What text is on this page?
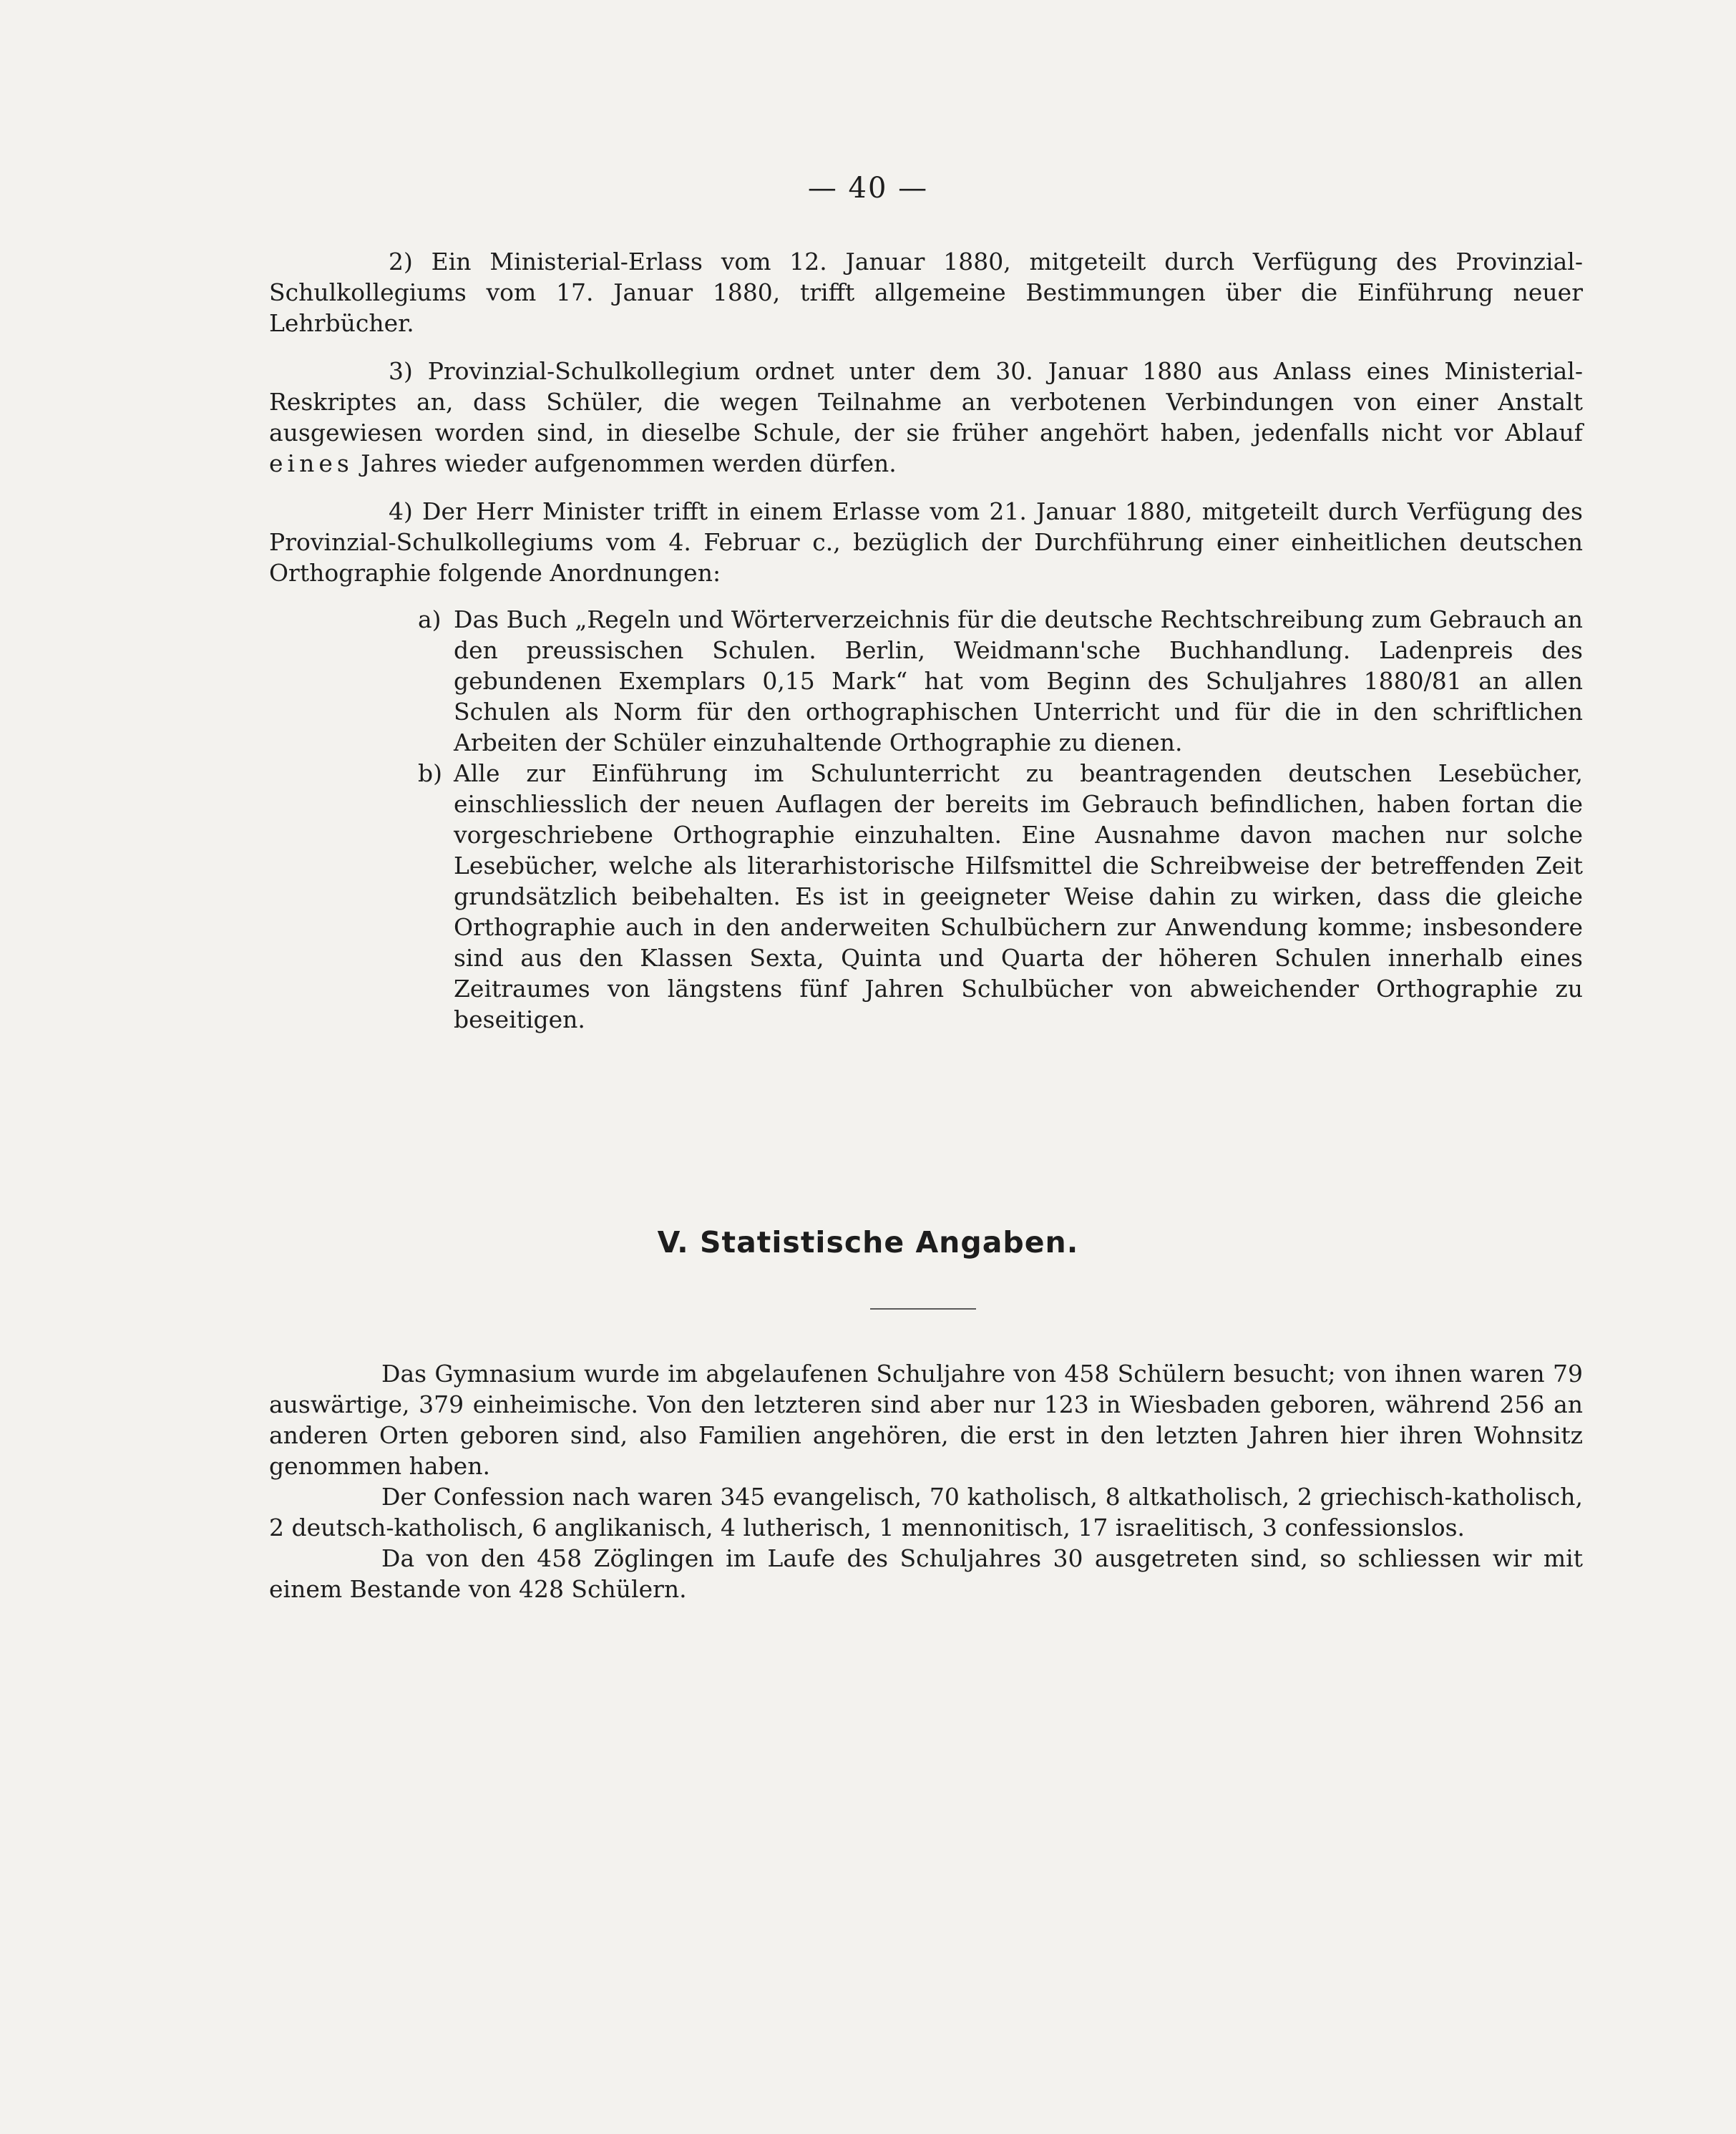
— 40 —

2) Ein Ministerial-Erlass vom 12. Januar 1880, mitgeteilt durch Verfügung des Provinzial-Schulkollegiums vom 17. Januar 1880, trifft allgemeine Bestimmungen über die Einführung neuer Lehrbücher.

3) Provinzial-Schulkollegium ordnet unter dem 30. Januar 1880 aus Anlass eines Ministerial-Reskriptes an, dass Schüler, die wegen Teilnahme an verbotenen Verbindungen von einer Anstalt ausgewiesen worden sind, in dieselbe Schule, der sie früher angehört haben, jedenfalls nicht vor Ablauf eines Jahres wieder aufgenommen werden dürfen.

4) Der Herr Minister trifft in einem Erlasse vom 21. Januar 1880, mitgeteilt durch Verfügung des Provinzial-Schulkollegiums vom 4. Februar c., bezüglich der Durchführung einer einheitlichen deutschen Orthographie folgende Anordnungen:

a) Das Buch „Regeln und Wörterverzeichnis für die deutsche Rechtschreibung zum Gebrauch an den preussischen Schulen. Berlin, Weidmann'sche Buchhandlung. Ladenpreis des gebundenen Exemplars 0,15 Mark“ hat vom Beginn des Schuljahres 1880/81 an allen Schulen als Norm für den orthographischen Unterricht und für die in den schriftlichen Arbeiten der Schüler einzuhaltende Orthographie zu dienen.
b) Alle zur Einführung im Schulunterricht zu beantragenden deutschen Lesebücher, einschliesslich der neuen Auflagen der bereits im Gebrauch befindlichen, haben fortan die vorgeschriebene Orthographie einzuhalten. Eine Ausnahme davon machen nur solche Lesebücher, welche als literarhistorische Hilfsmittel die Schreibweise der betreffenden Zeit grundsätzlich beibehalten. Es ist in geeigneter Weise dahin zu wirken, dass die gleiche Orthographie auch in den anderweiten Schulbüchern zur Anwendung komme; insbesondere sind aus den Klassen Sexta, Quinta und Quarta der höheren Schulen innerhalb eines Zeitraumes von längstens fünf Jahren Schulbücher von abweichender Orthographie zu beseitigen.
V. Statistische Angaben.

Das Gymnasium wurde im abgelaufenen Schuljahre von 458 Schülern besucht; von ihnen waren 79 auswärtige, 379 einheimische. Von den letzteren sind aber nur 123 in Wiesbaden geboren, während 256 an anderen Orten geboren sind, also Familien angehören, die erst in den letzten Jahren hier ihren Wohnsitz genommen haben.

Der Confession nach waren 345 evangelisch, 70 katholisch, 8 altkatholisch, 2 griechisch-katholisch, 2 deutsch-katholisch, 6 anglikanisch, 4 lutherisch, 1 mennonitisch, 17 israelitisch, 3 confessionslos.

Da von den 458 Zöglingen im Laufe des Schuljahres 30 ausgetreten sind, so schliessen wir mit einem Bestande von 428 Schülern.
